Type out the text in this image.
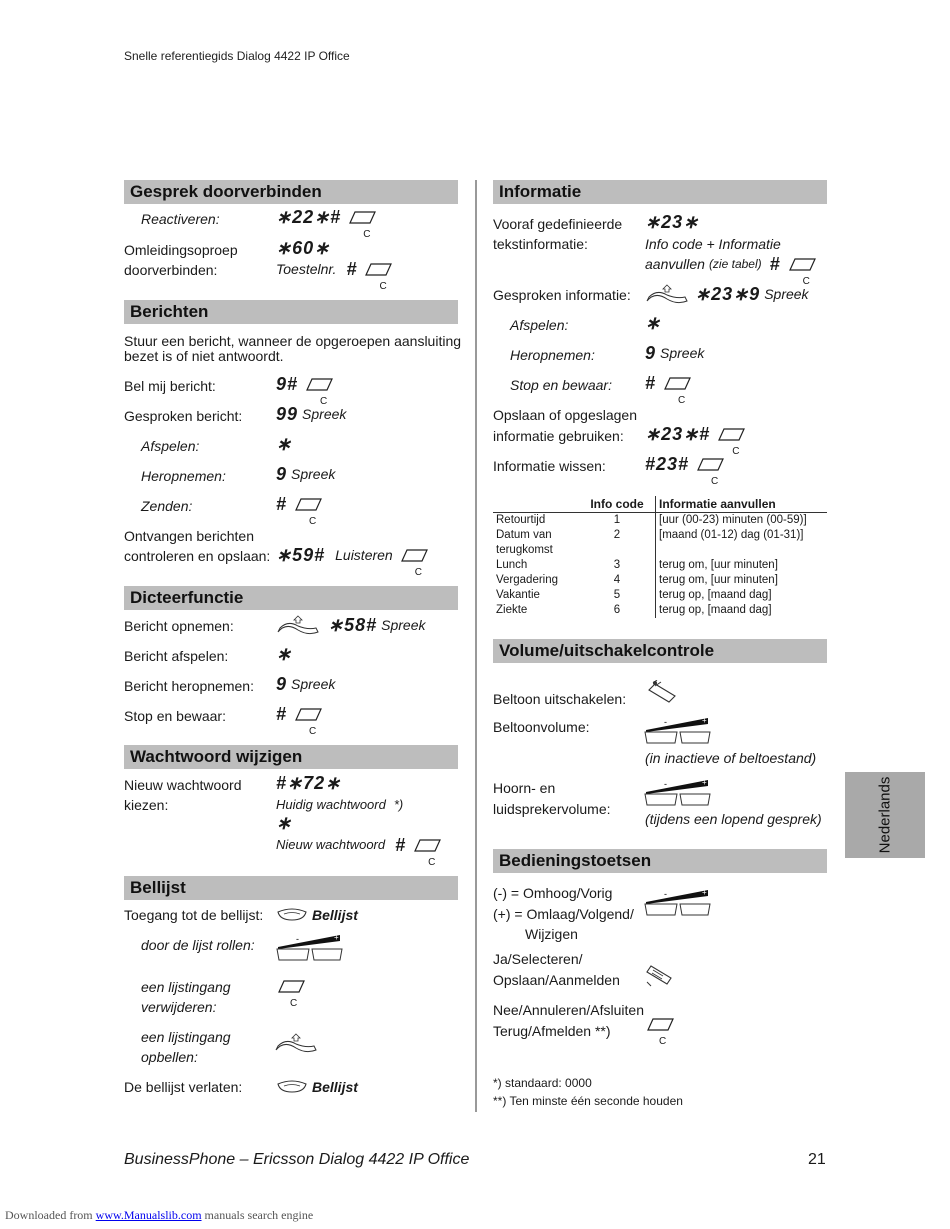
Snelle referentiegids Dialog 4422 IP Office
Gesprek doorverbinden
Reactiveren:	∗22∗#
C
Omleidingsoproep
doorverbinden:
∗60∗
Toestelnr. #
C
Berichten
Stuur een bericht, wanneer de opgeroepen aansluiting
bezet is of niet antwoordt.
Bel mij bericht:	9#
C
Gesproken bericht: 99 Spreek
Afspelen:	∗
Heropnemen:	9 Spreek
Zenden:	#
C
Ontvangen berichten
controleren en opslaan: ∗59# Luisteren
C
Dicteerfunctie
Bericht opnemen:	∗58# Spreek
Bericht afspelen:	∗
Bericht heropnemen: 9 Spreek
Stop en bewaar:	#
C
Wachtwoord wijzigen
Nieuw wachtwoord
kiezen:
#∗72∗
Huidig wachtwoord *)
∗
Nieuw wachtwoord #
C
Bellijst
Toegang tot de bellijst:	Bellijst
door de lijst rollen:	-	+
een lijstingang
verwijderen:	C
een lijstingang
opbellen:
De bellijst verlaten:	Bellijst
Informatie
Vooraf gedefinieerde
tekstinformatie:
∗23∗
Info code + Informatie
aanvullen (zie tabel) #
C
Gesproken informatie:	∗23∗9 Spreek
Afspelen:	∗
Heropnemen:	9 Spreek
Stop en bewaar: #
C
Opslaan of opgeslagen
informatie gebruiken: ∗23∗#
C
Informatie wissen: #23#
C
	Info code	Informatie aanvullen
Retourtijd	1	[uur (00-23) minuten (00-59)]
Datum van terugkomst	2	[maand (01-12) dag (01-31)]
Lunch	3	terug om, [uur minuten]
Vergadering	4	terug om, [uur minuten]
Vakantie	5	terug op, [maand dag]
Ziekte	6	terug op, [maand dag]
Volume/uitschakelcontrole
Beltoon uitschakelen:
Beltoonvolume:	-	+
(in inactieve of beltoestand)
Hoorn- en
luidsprekervolume:
-	+
(tijdens een lopend gesprek)
Bedieningstoetsen
(-) = Omhoog/Vorig
(+) = Omlaag/Volgend/
Wijzigen
-	+
Ja/Selecteren/
Opslaan/Aanmelden
Nee/Annuleren/Afsluiten
Terug/Afmelden **)
C
*) standaard: 0000
**) Ten minste één seconde houden
Nederlands
BusinessPhone – Ericsson Dialog 4422 IP Office	21
Downloaded from www.Manualslib.com manuals search engine
